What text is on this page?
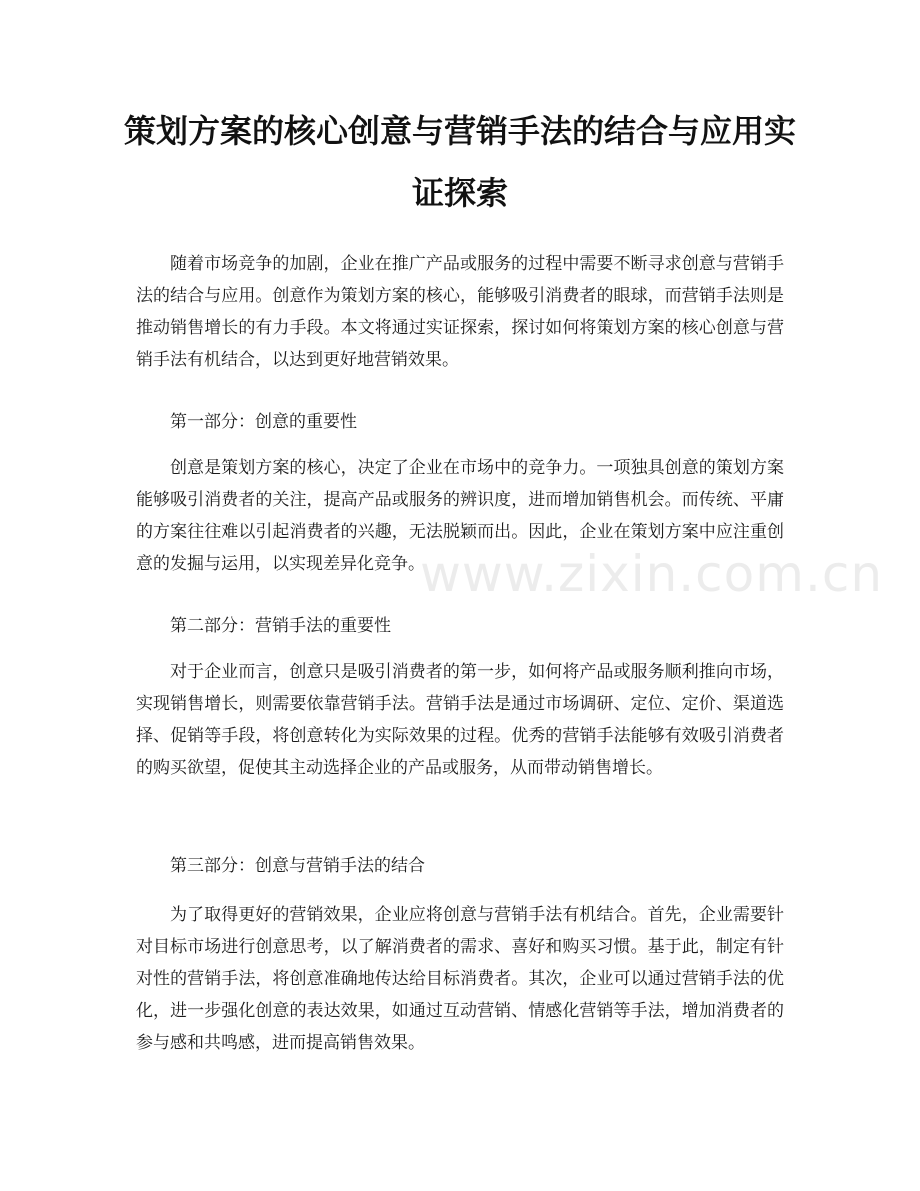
策划方案的核心创意与营销手法的结合与应用实证探索

随着市场竞争的加剧，企业在推广产品或服务的过程中需要不断寻求创意与营销手法的结合与应用。创意作为策划方案的核心，能够吸引消费者的眼球，而营销手法则是推动销售增长的有力手段。本文将通过实证探索，探讨如何将策划方案的核心创意与营销手法有机结合，以达到更好地营销效果。

第一部分：创意的重要性

创意是策划方案的核心，决定了企业在市场中的竞争力。一项独具创意的策划方案能够吸引消费者的关注，提高产品或服务的辨识度，进而增加销售机会。而传统、平庸的方案往往难以引起消费者的兴趣，无法脱颖而出。因此，企业在策划方案中应注重创意的发掘与运用，以实现差异化竞争。

第二部分：营销手法的重要性

对于企业而言，创意只是吸引消费者的第一步，如何将产品或服务顺利推向市场，实现销售增长，则需要依靠营销手法。营销手法是通过市场调研、定位、定价、渠道选择、促销等手段，将创意转化为实际效果的过程。优秀的营销手法能够有效吸引消费者的购买欲望，促使其主动选择企业的产品或服务，从而带动销售增长。

第三部分：创意与营销手法的结合

为了取得更好的营销效果，企业应将创意与营销手法有机结合。首先，企业需要针对目标市场进行创意思考，以了解消费者的需求、喜好和购买习惯。基于此，制定有针对性的营销手法，将创意准确地传达给目标消费者。其次，企业可以通过营销手法的优化，进一步强化创意的表达效果，如通过互动营销、情感化营销等手法，增加消费者的参与感和共鸣感，进而提高销售效果。

www.zixin.com.cn
